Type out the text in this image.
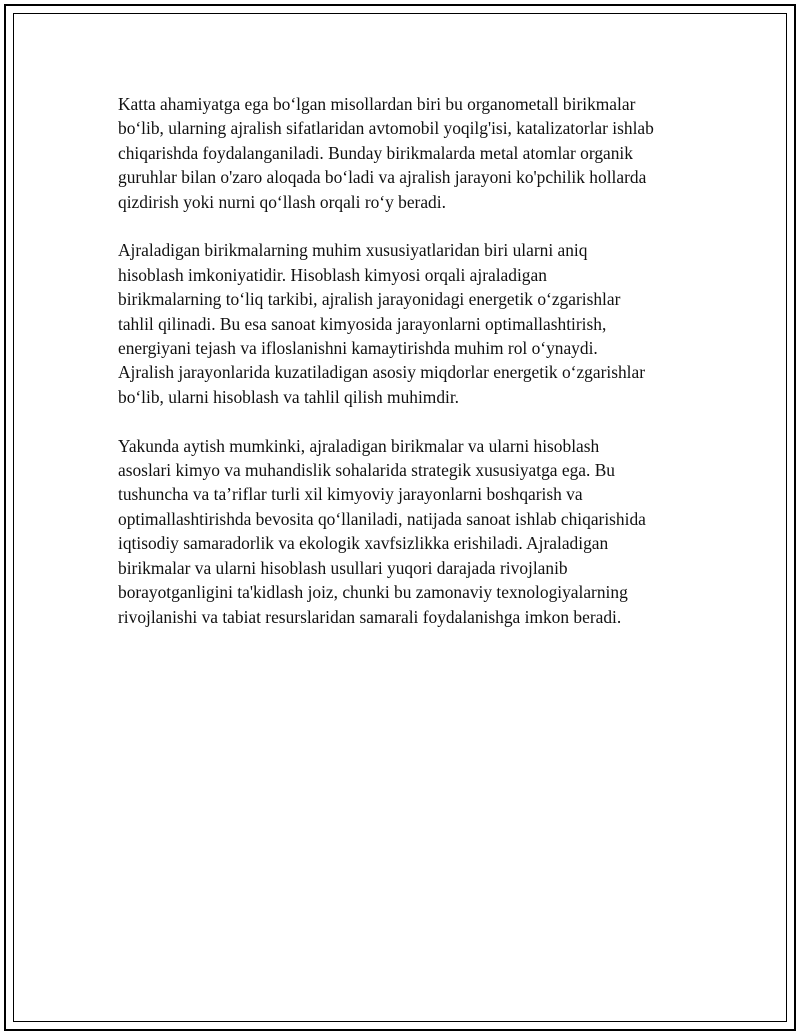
Katta ahamiyatga ega bo‘lgan misollardan biri bu organometall birikmalar
bo‘lib, ularning ajralish sifatlaridan avtomobil yoqilg'isi, katalizatorlar ishlab
chiqarishda foydalanganiladi. Bunday birikmalarda metal atomlar organik
guruhlar bilan o'zaro aloqada bo‘ladi va ajralish jarayoni ko'pchilik hollarda
qizdirish yoki nurni qo‘llash orqali ro‘y beradi.

Ajraladigan birikmalarning muhim xususiyatlaridan biri ularni aniq
hisoblash imkoniyatidir. Hisoblash kimyosi orqali ajraladigan
birikmalarning to‘liq tarkibi, ajralish jarayonidagi energetik o‘zgarishlar
tahlil qilinadi. Bu esa sanoat kimyosida jarayonlarni optimallashtirish,
energiyani tejash va ifloslanishni kamaytirishda muhim rol o‘ynaydi.
Ajralish jarayonlarida kuzatiladigan asosiy miqdorlar energetik o‘zgarishlar
bo‘lib, ularni hisoblash va tahlil qilish muhimdir.

Yakunda aytish mumkinki, ajraladigan birikmalar va ularni hisoblash
asoslari kimyo va muhandislik sohalarida strategik xususiyatga ega. Bu
tushuncha va ta’riflar turli xil kimyoviy jarayonlarni boshqarish va
optimallashtirishda bevosita qo‘llaniladi, natijada sanoat ishlab chiqarishida
iqtisodiy samaradorlik va ekologik xavfsizlikka erishiladi. Ajraladigan
birikmalar va ularni hisoblash usullari yuqori darajada rivojlanib
borayotganligini ta'kidlash joiz, chunki bu zamonaviy texnologiyalarning
rivojlanishi va tabiat resurslaridan samarali foydalanishga imkon beradi.
